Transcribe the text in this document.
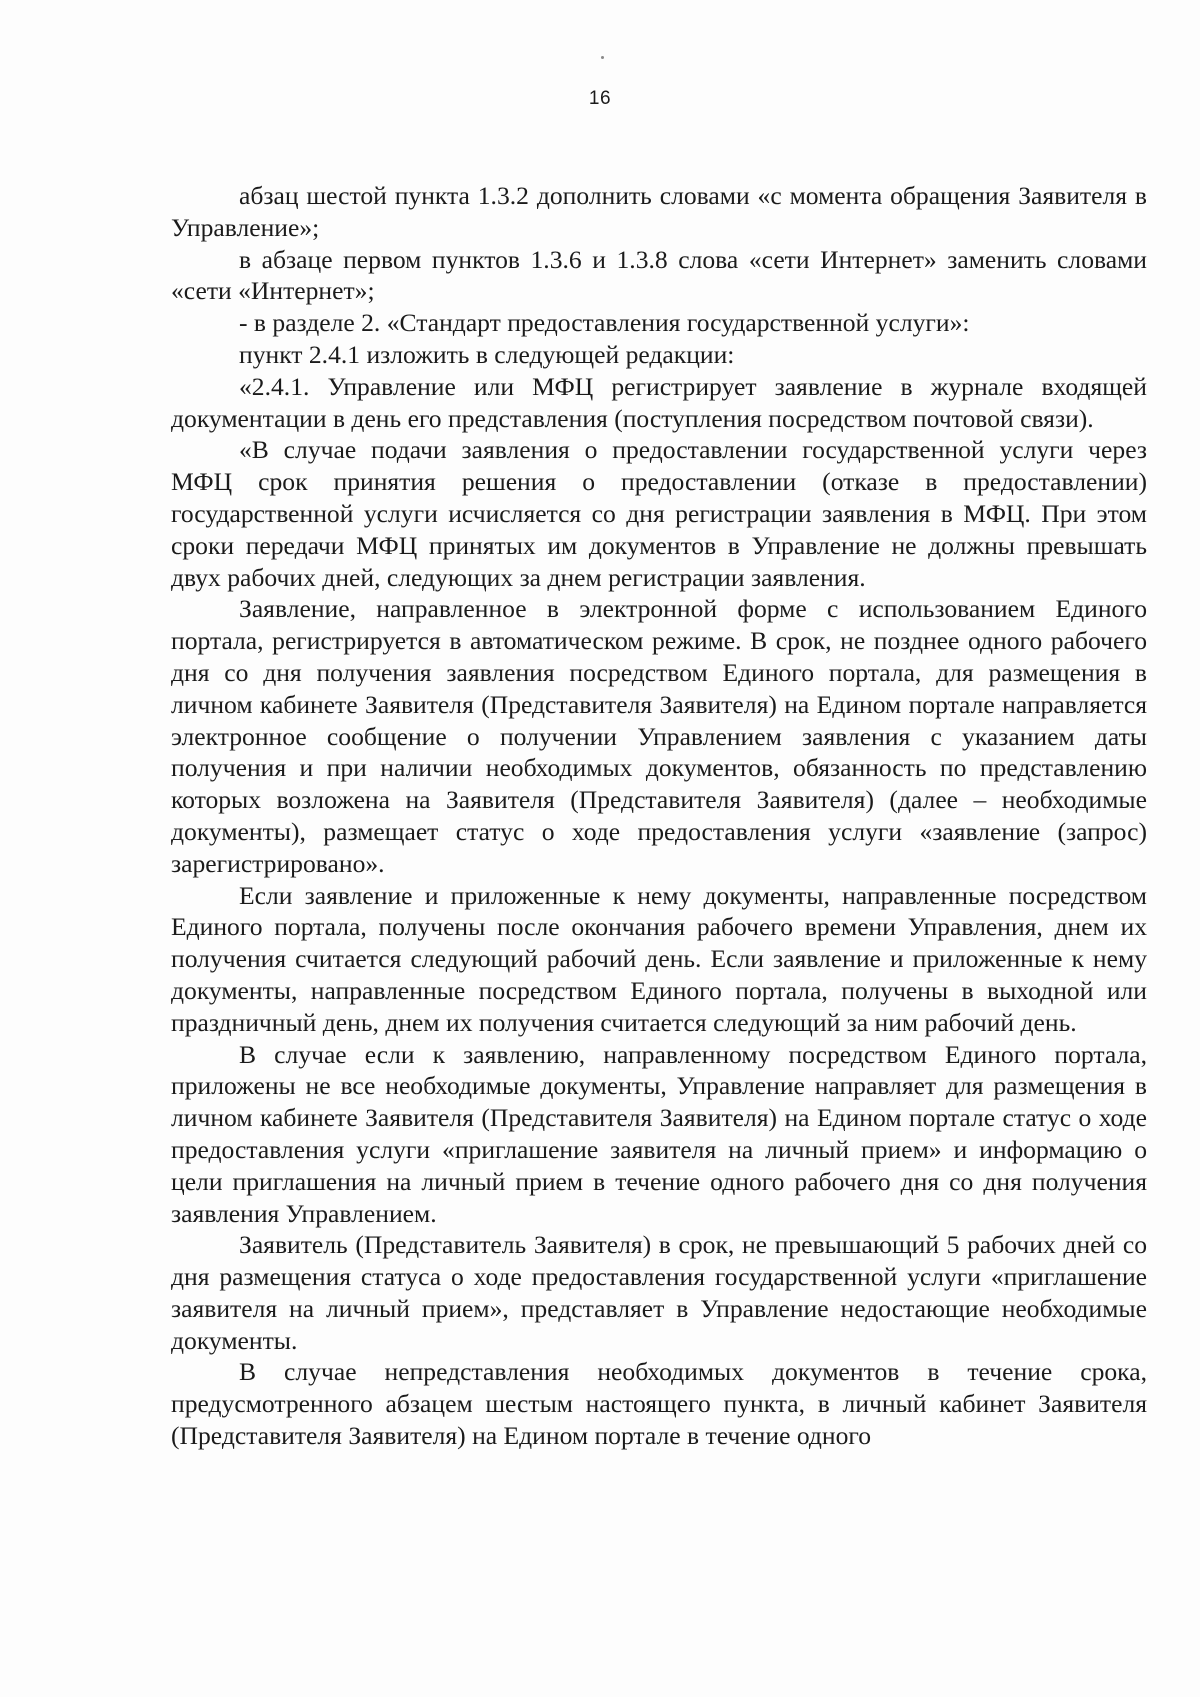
16

абзац шестой пункта 1.3.2 дополнить словами «с момента обращения Заявителя в Управление»;

в абзаце первом пунктов 1.3.6 и 1.3.8 слова «сети Интернет» заменить словами «сети «Интернет»;

- в разделе 2. «Стандарт предоставления государственной услуги»:

пункт 2.4.1 изложить в следующей редакции:

«2.4.1. Управление или МФЦ регистрирует заявление в журнале входящей документации в день его представления (поступления посредством почтовой связи).

«В случае подачи заявления о предоставлении государственной услуги через МФЦ срок принятия решения о предоставлении (отказе в предоставлении) государственной услуги исчисляется со дня регистрации заявления в МФЦ. При этом сроки передачи МФЦ принятых им документов в Управление не должны превышать двух рабочих дней, следующих за днем регистрации заявления.

Заявление, направленное в электронной форме с использованием Единого портала, регистрируется в автоматическом режиме. В срок, не позднее одного рабочего дня со дня получения заявления посредством Единого портала, для размещения в личном кабинете Заявителя (Представителя Заявителя) на Едином портале направляется электронное сообщение о получении Управлением заявления с указанием даты получения и при наличии необходимых документов, обязанность по представлению которых возложена на Заявителя (Представителя Заявителя) (далее – необходимые документы), размещает статус о ходе предоставления услуги «заявление (запрос) зарегистрировано».

Если заявление и приложенные к нему документы, направленные посредством Единого портала, получены после окончания рабочего времени Управления, днем их получения считается следующий рабочий день. Если заявление и приложенные к нему документы, направленные посредством Единого портала, получены в выходной или праздничный день, днем их получения считается следующий за ним рабочий день.

В случае если к заявлению, направленному посредством Единого портала, приложены не все необходимые документы, Управление направляет для размещения в личном кабинете Заявителя (Представителя Заявителя) на Едином портале статус о ходе предоставления услуги «приглашение заявителя на личный прием» и информацию о цели приглашения на личный прием в течение одного рабочего дня со дня получения заявления Управлением.

Заявитель (Представитель Заявителя) в срок, не превышающий 5 рабочих дней со дня размещения статуса о ходе предоставления государственной услуги «приглашение заявителя на личный прием», представляет в Управление недостающие необходимые документы.

В случае непредставления необходимых документов в течение срока, предусмотренного абзацем шестым настоящего пункта, в личный кабинет Заявителя (Представителя Заявителя) на Едином портале в течение одного
